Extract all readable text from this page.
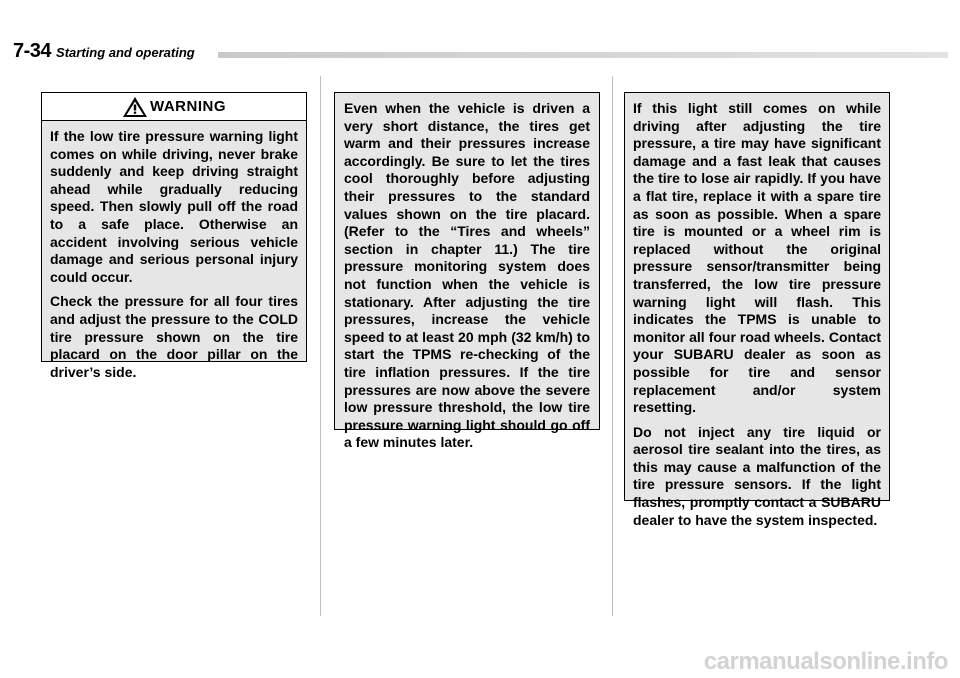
7-34 Starting and operating
WARNING

If the low tire pressure warning light comes on while driving, never brake suddenly and keep driving straight ahead while gradually reducing speed. Then slowly pull off the road to a safe place. Otherwise an accident involving serious vehicle damage and serious personal injury could occur.

Check the pressure for all four tires and adjust the pressure to the COLD tire pressure shown on the tire placard on the door pillar on the driver’s side.

Even when the vehicle is driven a very short distance, the tires get warm and their pressures increase accordingly. Be sure to let the tires cool thoroughly before adjusting their pressures to the standard values shown on the tire placard. (Refer to the “Tires and wheels” section in chapter 11.) The tire pressure monitoring system does not function when the vehicle is stationary. After adjusting the tire pressures, increase the vehicle speed to at least 20 mph (32 km/h) to start the TPMS re-checking of the tire inflation pressures. If the tire pressures are now above the severe low pressure threshold, the low tire pressure warning light should go off a few minutes later.

If this light still comes on while driving after adjusting the tire pressure, a tire may have significant damage and a fast leak that causes the tire to lose air rapidly. If you have a flat tire, replace it with a spare tire as soon as possible. When a spare tire is mounted or a wheel rim is replaced without the original pressure sensor/transmitter being transferred, the low tire pressure warning light will flash. This indicates the TPMS is unable to monitor all four road wheels. Contact your SUBARU dealer as soon as possible for tire and sensor replacement and/or system resetting.

Do not inject any tire liquid or aerosol tire sealant into the tires, as this may cause a malfunction of the tire pressure sensors. If the light flashes, promptly contact a SUBARU dealer to have the system inspected.

carmanualsonline.info
